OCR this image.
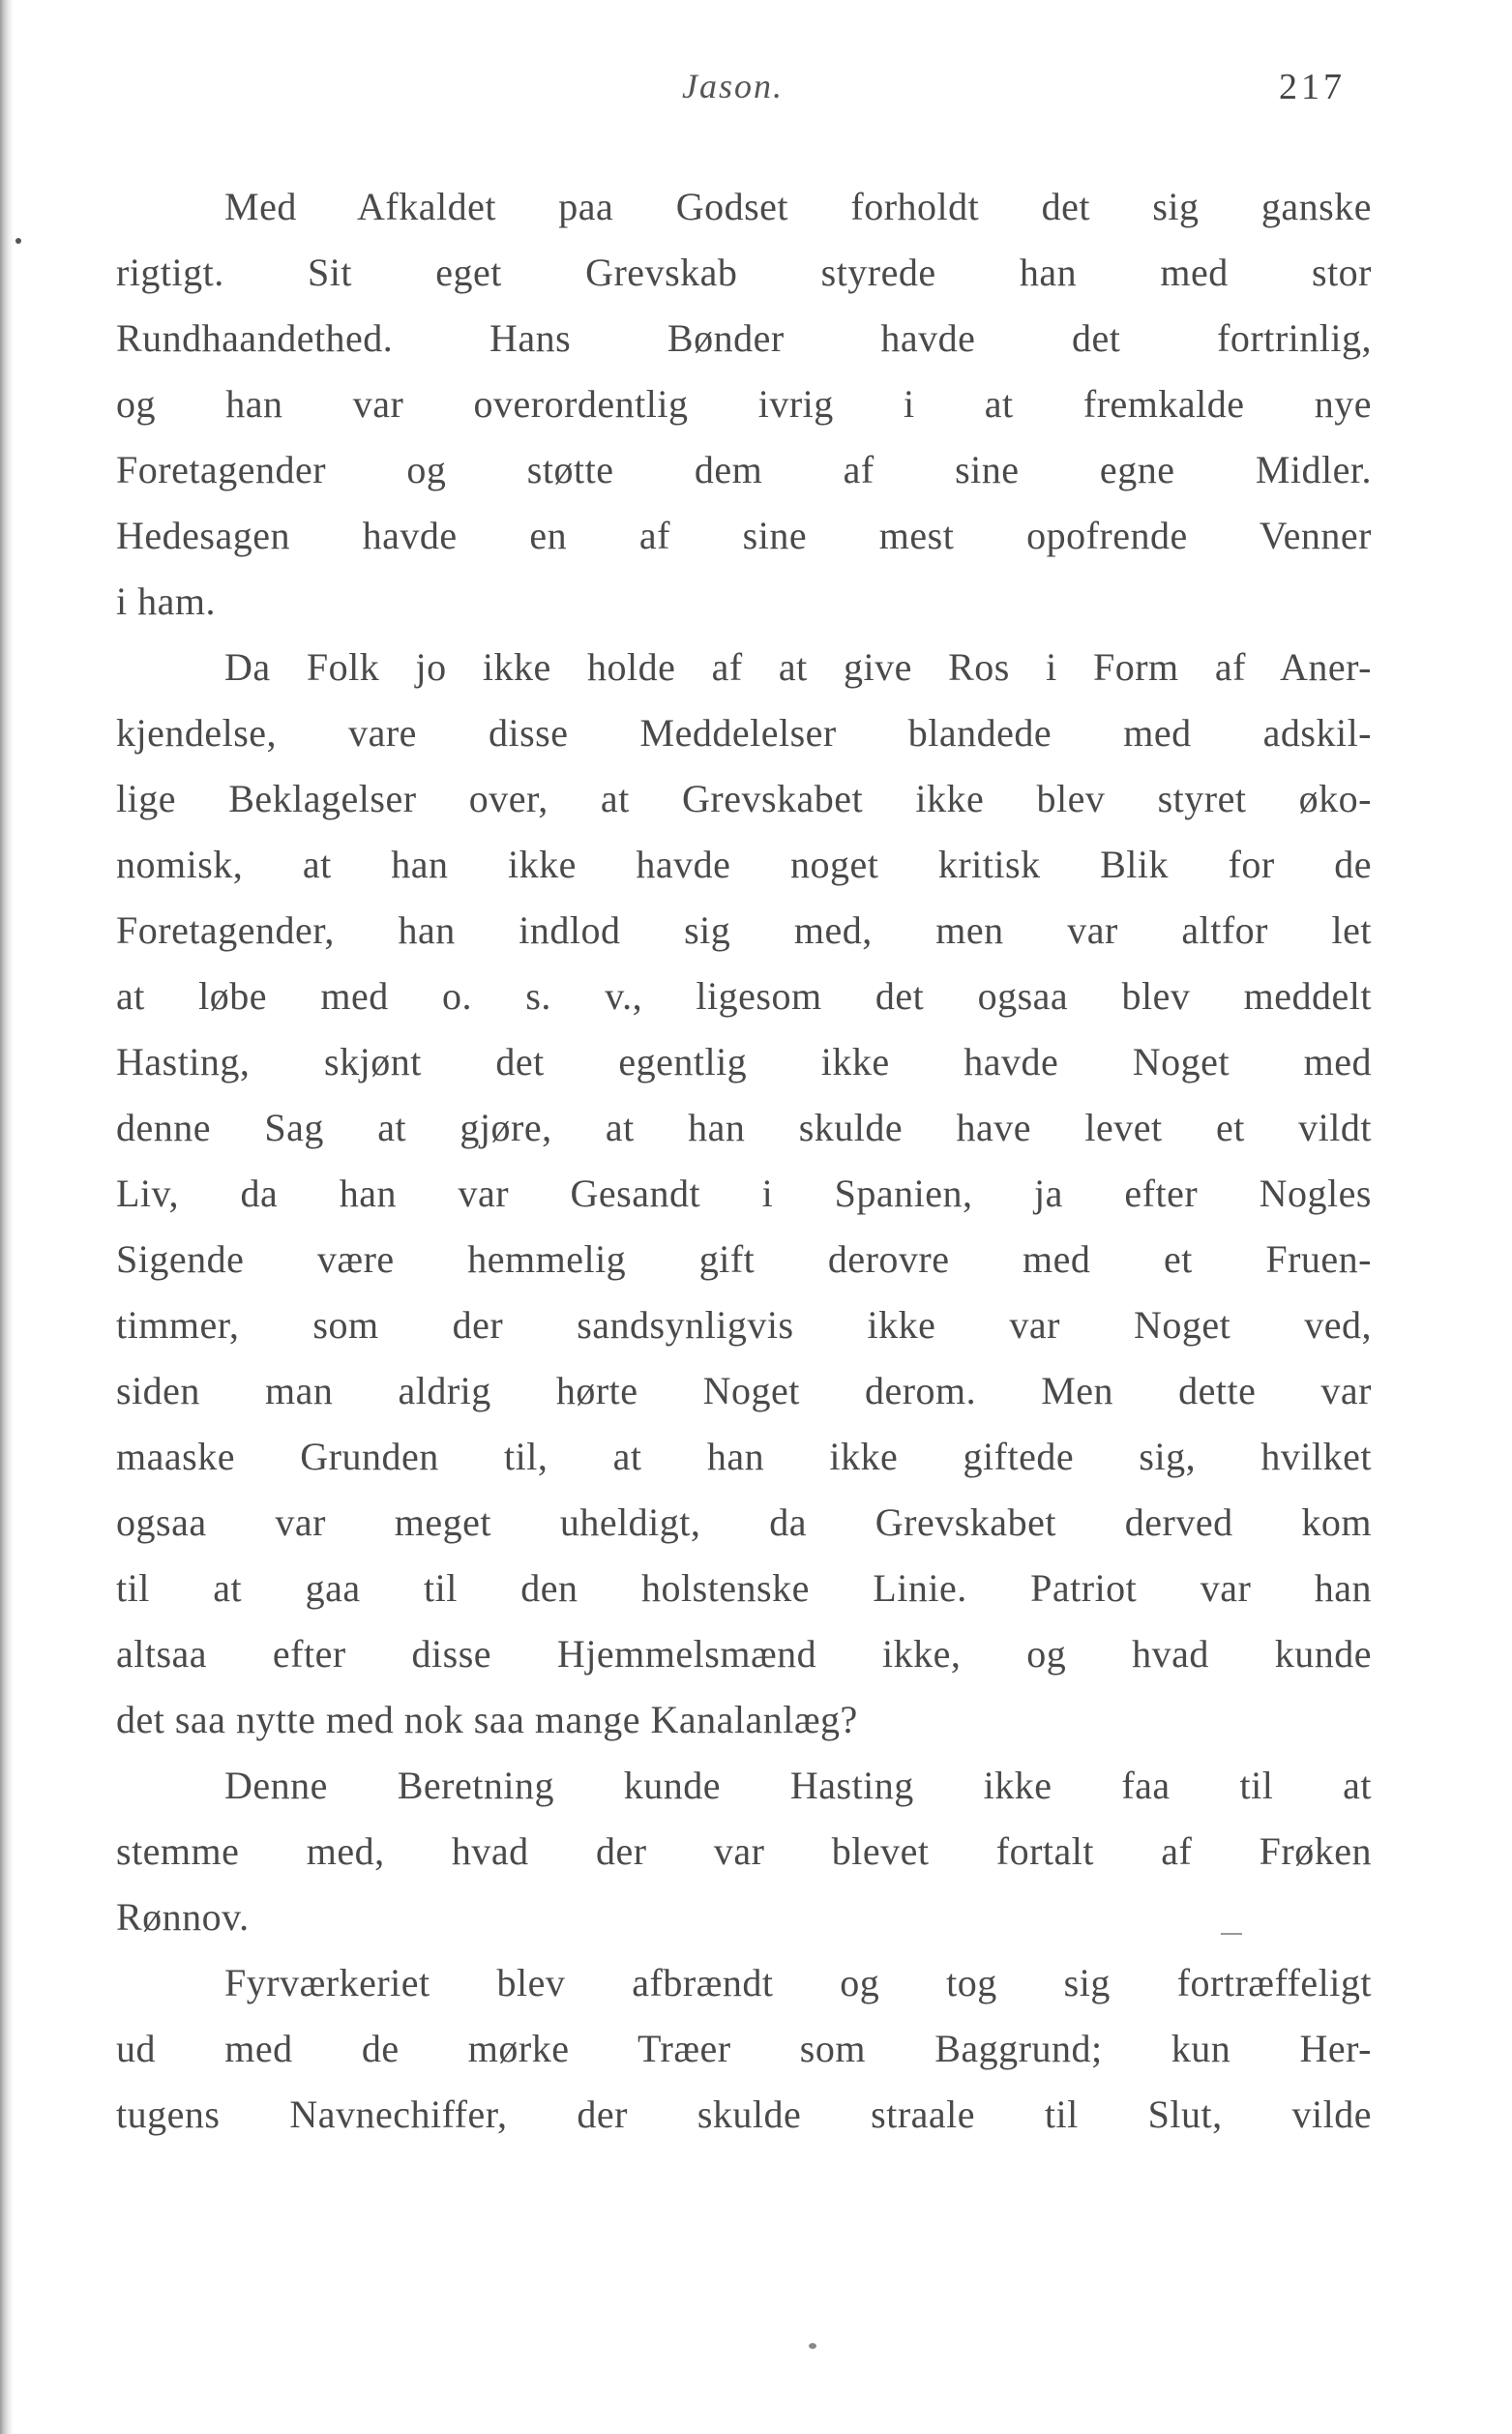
Jason.	217
Med Afkaldet paa Godset forholdt det sig ganske
rigtigt. Sit eget Grevskab styrede han med stor
Rundhaandethed. Hans Bønder havde det fortrinlig,
og han var overordentlig ivrig i at fremkalde nye
Foretagender og støtte dem af sine egne Midler.
Hedesagen havde en af sine mest opofrende Venner
i ham.
Da Folk jo ikke holde af at give Ros i Form af Aner-
kjendelse, vare disse Meddelelser blandede med adskil-
lige Beklagelser over, at Grevskabet ikke blev styret øko-
nomisk, at han ikke havde noget kritisk Blik for de
Foretagender, han indlod sig med, men var altfor let
at løbe med o. s. v., ligesom det ogsaa blev meddelt
Hasting, skjønt det egentlig ikke havde Noget med
denne Sag at gjøre, at han skulde have levet et vildt
Liv, da han var Gesandt i Spanien, ja efter Nogles
Sigende være hemmelig gift derovre med et Fruen-
timmer, som der sandsynligvis ikke var Noget ved,
siden man aldrig hørte Noget derom. Men dette var
maaske Grunden til, at han ikke giftede sig, hvilket
ogsaa var meget uheldigt, da Grevskabet derved kom
til at gaa til den holstenske Linie. Patriot var han
altsaa efter disse Hjemmelsmænd ikke, og hvad kunde
det saa nytte med nok saa mange Kanalanlæg?
Denne Beretning kunde Hasting ikke faa til at
stemme med, hvad der var blevet fortalt af Frøken
Rønnov.
Fyrværkeriet blev afbrændt og tog sig fortræffeligt
ud med de mørke Træer som Baggrund; kun Her-
tugens Navnechiffer, der skulde straale til Slut, vilde
